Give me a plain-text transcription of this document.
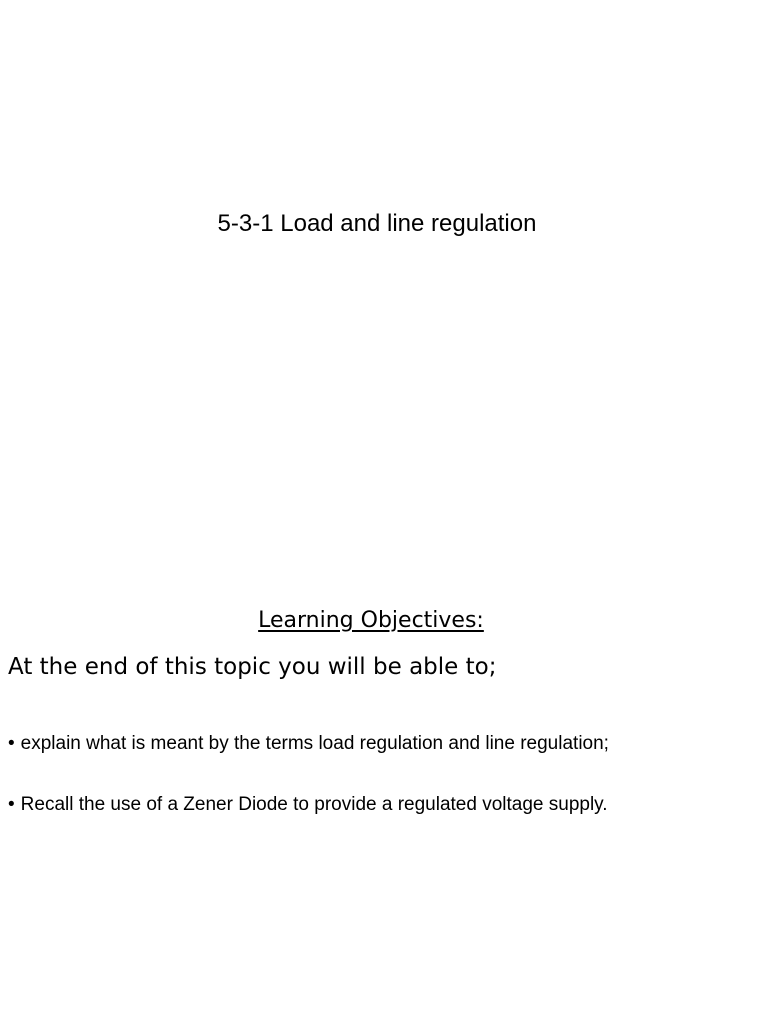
5-3-1 Load and line regulation
Learning Objectives:

At the end of this topic you will be able to;

• explain what is meant by the terms load regulation and line regulation;
• Recall the use of a Zener Diode to provide a regulated voltage supply.
